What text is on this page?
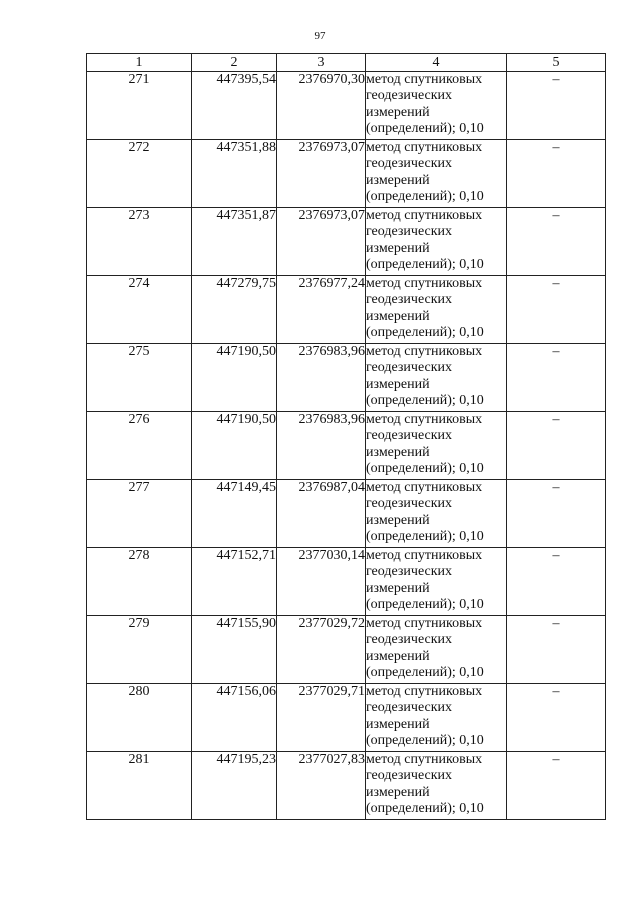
97
1	2	3	4	5
271	447395,54	2376970,30	метод спутниковых
геодезических
измерений
(определений); 0,10	–
272	447351,88	2376973,07	метод спутниковых
геодезических
измерений
(определений); 0,10	–
273	447351,87	2376973,07	метод спутниковых
геодезических
измерений
(определений); 0,10	–
274	447279,75	2376977,24	метод спутниковых
геодезических
измерений
(определений); 0,10	–
275	447190,50	2376983,96	метод спутниковых
геодезических
измерений
(определений); 0,10	–
276	447190,50	2376983,96	метод спутниковых
геодезических
измерений
(определений); 0,10	–
277	447149,45	2376987,04	метод спутниковых
геодезических
измерений
(определений); 0,10	–
278	447152,71	2377030,14	метод спутниковых
геодезических
измерений
(определений); 0,10	–
279	447155,90	2377029,72	метод спутниковых
геодезических
измерений
(определений); 0,10	–
280	447156,06	2377029,71	метод спутниковых
геодезических
измерений
(определений); 0,10	–
281	447195,23	2377027,83	метод спутниковых
геодезических
измерений
(определений); 0,10	–
